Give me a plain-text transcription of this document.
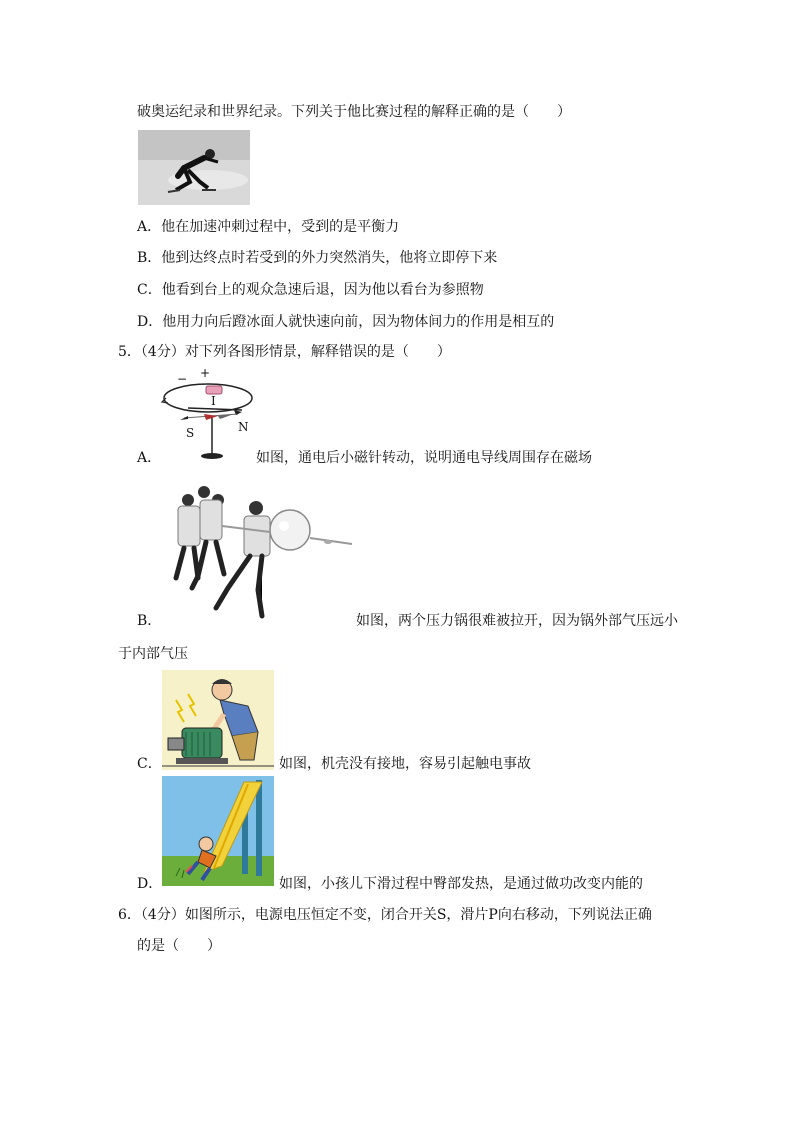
破奥运纪录和世界纪录。下列关于他比赛过程的解释正确的是（　　）
A．他在加速冲刺过程中，受到的是平衡力
B．他到达终点时若受到的外力突然消失，他将立即停下来
C．他看到台上的观众急速后退，因为他以看台为参照物
D．他用力向后蹬冰面人就快速向前，因为物体间力的作用是相互的
5．（4分）对下列各图形情景，解释错误的是（　　）
− +
I
S	N
A．	如图，通电后小磁针转动，说明通电导线周围存在磁场
B．	如图，两个压力锅很难被拉开，因为锅外部气压远小
于内部气压
C．	如图，机壳没有接地，容易引起触电事故
D．	如图，小孩儿下滑过程中臀部发热，是通过做功改变内能的
6．（4分）如图所示，电源电压恒定不变，闭合开关S，滑片P向右移动，下列说法正确
的是（　　）
